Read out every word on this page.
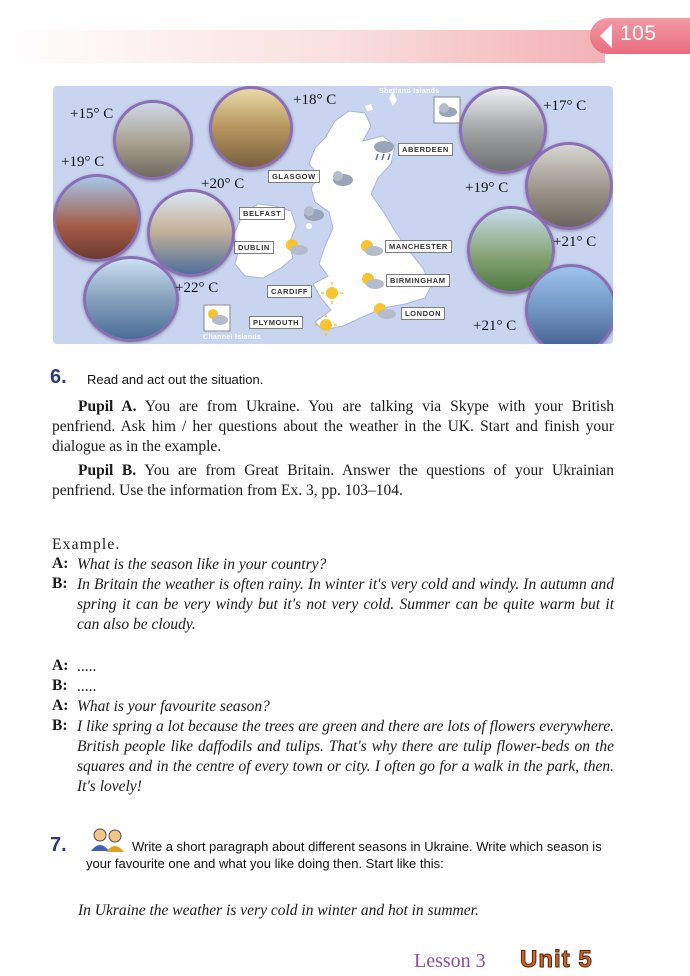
105
ABERDEEN
GLASGOW
BELFAST
DUBLIN	MANCHESTER
BIRMINGHAM
CARDIFF
LONDON
PLYMOUTH
Shetland Islands
Channel Islands
+15° C
+18° C
+19° C
+20° C
+22° C
+17° C
+19° C
+21° C
+21° C
6. Read and act out the situation.
Pupil A. You are from Ukraine. You are talking via Skype with your British penfriend. Ask him / her questions about the weather in the UK. Start and finish your dialogue as in the example.
Pupil B. You are from Great Britain. Answer the questions of your Ukrainian penfriend. Use the information from Ex. 3, pp. 103–104.
Example.
A: What is the season like in your country?
B: In Britain the weather is often rainy. In winter it's very cold and windy. In autumn and spring it can be very windy but it's not very cold. Summer can be quite warm but it can also be cloudy.
A: .....
B: .....
A: What is your favourite season?
B: I like spring a lot because the trees are green and there are lots of flowers everywhere. British people like daffodils and tulips. That's why there are tulip flower-beds on the squares and in the centre of every town or city. I often go for a walk in the park, then. It's lovely!
7.	Write a short paragraph about different seasons in Ukraine. Write which season is your favourite one and what you like doing then. Start like this:
In Ukraine the weather is very cold in winter and hot in summer.
Lesson 3 Unit 5
